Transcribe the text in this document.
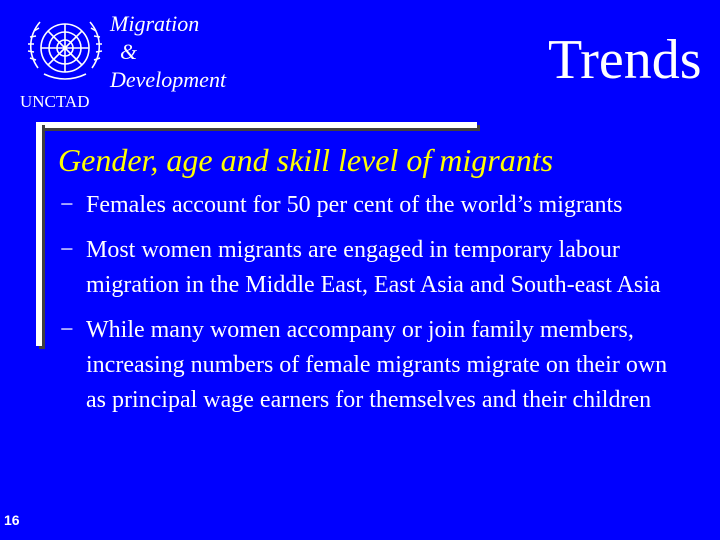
UNCTAD
Migration
&
Development	Trends
Gender, age and skill level of migrants
− Females account for 50 per cent of the world’s migrants
− Most women migrants are engaged in temporary labour migration in the Middle East, East Asia and South-east Asia
− While many women accompany or join family members, increasing numbers of female migrants migrate on their own as principal wage earners for themselves and their children
16
